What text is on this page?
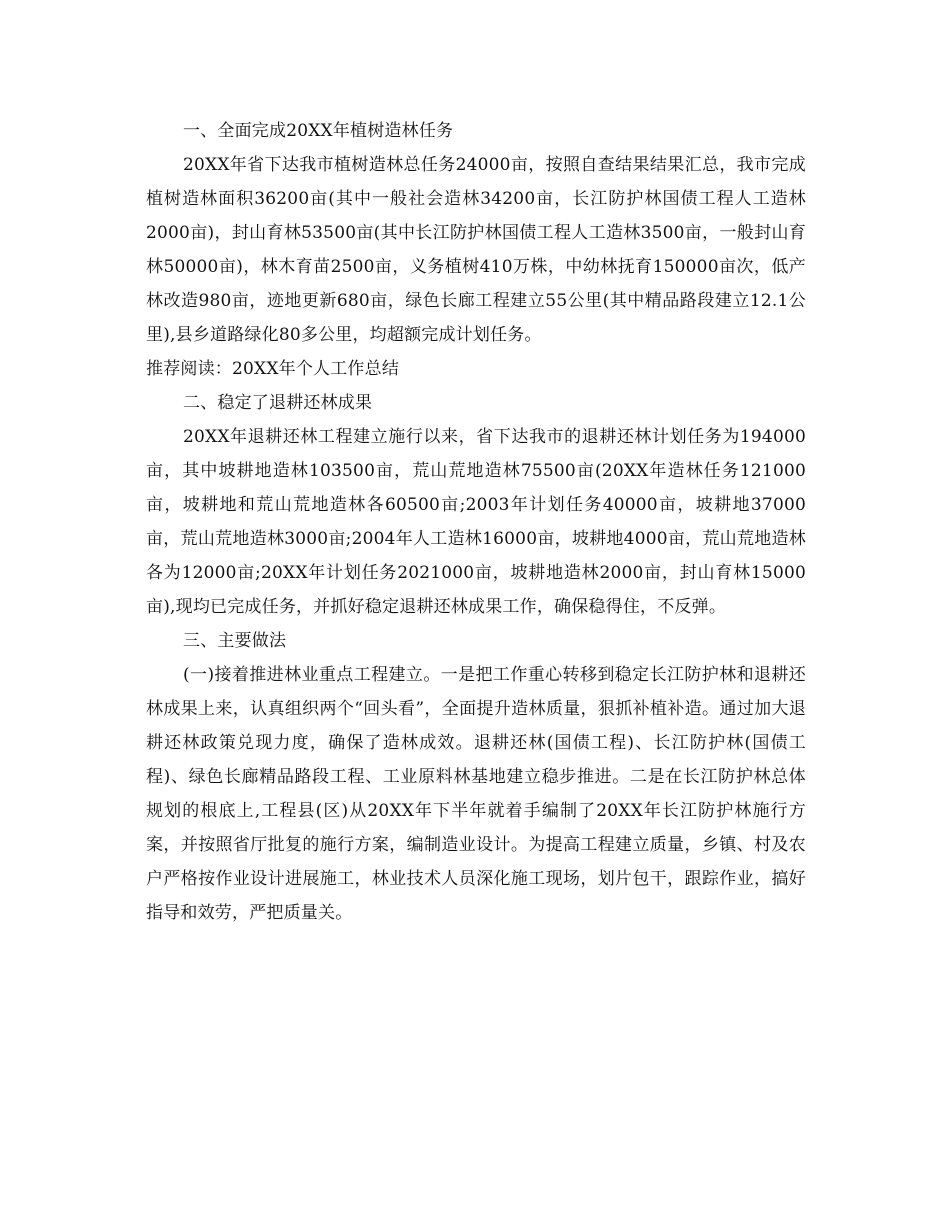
一、全面完成20XX年植树造林任务

20XX年省下达我市植树造林总任务24000亩，按照自查结果结果汇总，我市完成植树造林面积36200亩(其中一般社会造林34200亩，长江防护林国债工程人工造林2000亩)，封山育林53500亩(其中长江防护林国债工程人工造林3500亩，一般封山育林50000亩)，林木育苗2500亩，义务植树410万株，中幼林抚育150000亩次，低产林改造980亩，迹地更新680亩，绿色长廊工程建立55公里(其中精品路段建立12.1公里),县乡道路绿化80多公里，均超额完成计划任务。

推荐阅读：20XX年个人工作总结

二、稳定了退耕还林成果

20XX年退耕还林工程建立施行以来，省下达我市的退耕还林计划任务为194000亩，其中坡耕地造林103500亩，荒山荒地造林75500亩(20XX年造林任务121000亩，坡耕地和荒山荒地造林各60500亩;2003年计划任务40000亩，坡耕地37000亩，荒山荒地造林3000亩;2004年人工造林16000亩，坡耕地4000亩，荒山荒地造林各为12000亩;20XX年计划任务2021000亩，坡耕地造林2000亩，封山育林15000亩),现均已完成任务，并抓好稳定退耕还林成果工作，确保稳得住，不反弹。

三、主要做法

(一)接着推进林业重点工程建立。一是把工作重心转移到稳定长江防护林和退耕还林成果上来，认真组织两个“回头看”，全面提升造林质量，狠抓补植补造。通过加大退耕还林政策兑现力度，确保了造林成效。退耕还林(国债工程)、长江防护林(国债工程)、绿色长廊精品路段工程、工业原料林基地建立稳步推进。二是在长江防护林总体规划的根底上,工程县(区)从20XX年下半年就着手编制了20XX年长江防护林施行方案，并按照省厅批复的施行方案，编制造业设计。为提高工程建立质量，乡镇、村及农户严格按作业设计进展施工，林业技术人员深化施工现场，划片包干，跟踪作业，搞好指导和效劳，严把质量关。
